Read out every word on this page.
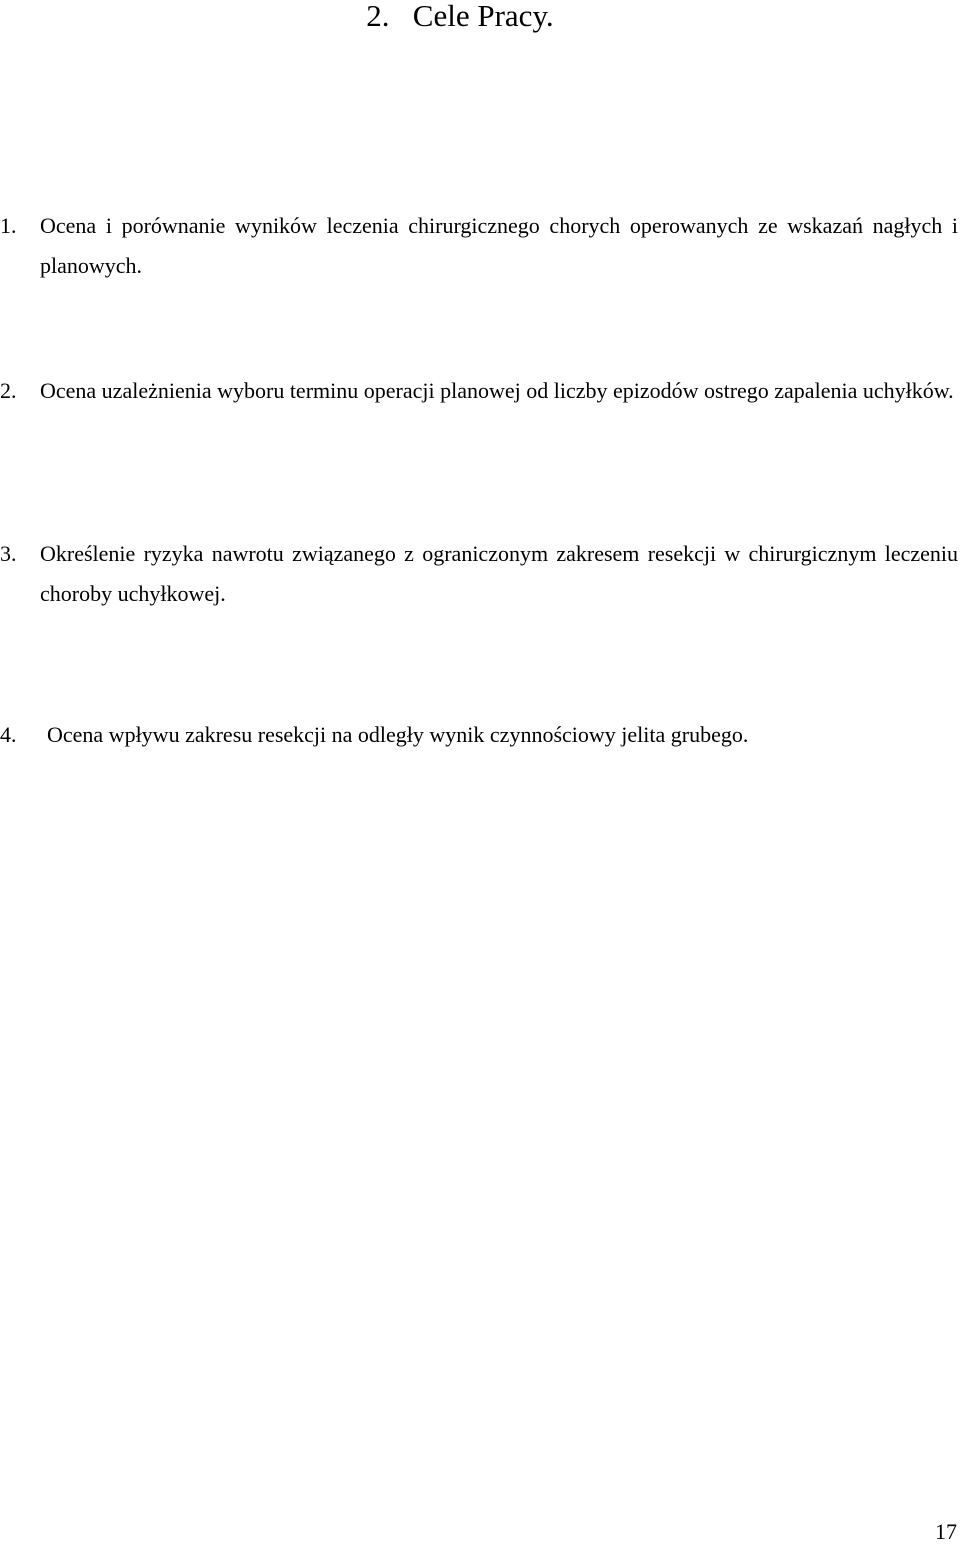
2. Cele Pracy.
1. Ocena i porównanie wyników leczenia chirurgicznego chorych operowanych ze wskazań nagłych i planowych.
2. Ocena uzależnienia wyboru terminu operacji planowej od liczby epizodów ostrego zapalenia uchyłków.
3. Określenie ryzyka nawrotu związanego z ograniczonym zakresem resekcji w chirurgicznym leczeniu choroby uchyłkowej.
4. Ocena wpływu zakresu resekcji na odległy wynik czynnościowy jelita grubego.
17
